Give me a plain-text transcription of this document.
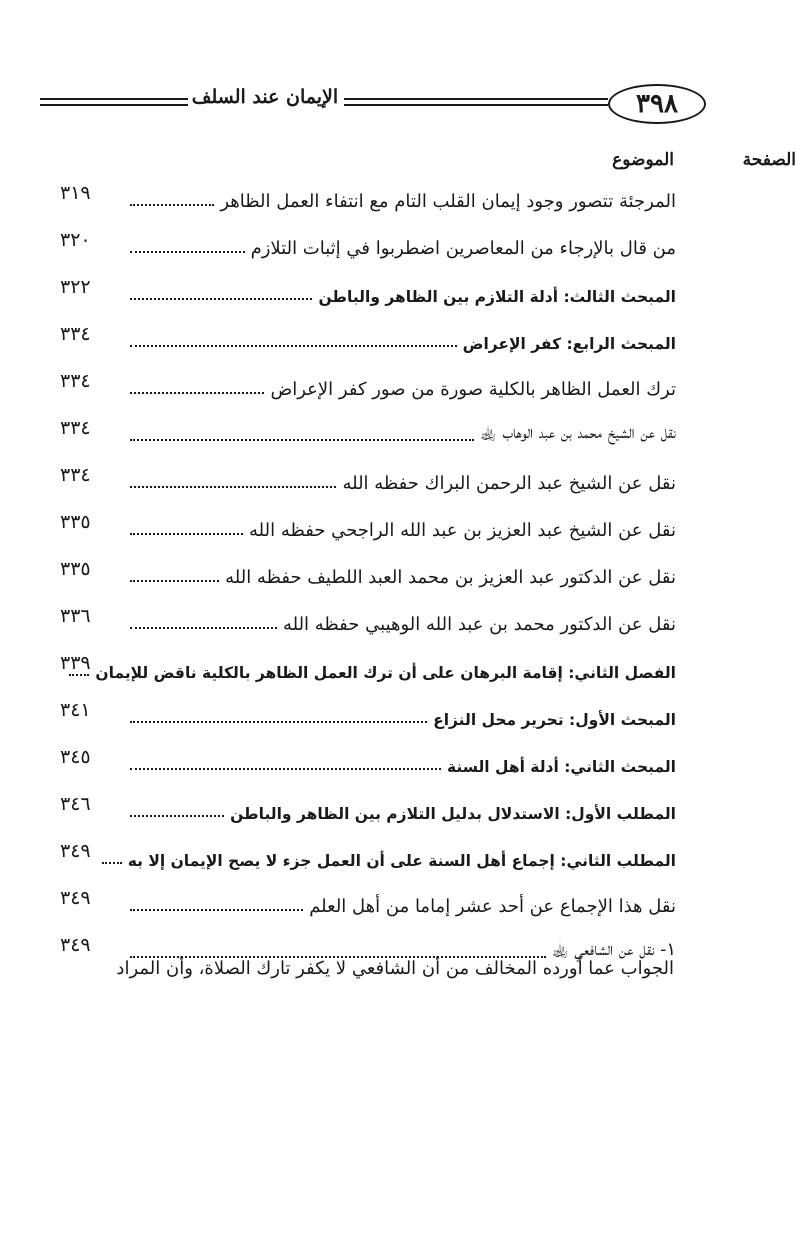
الإيمان عند السلف	٣٩٨
الموضوع	الصفحة
المرجئة تتصور وجود إيمان القلب التام مع انتفاء العمل الظاهر
٣١٩
من قال بالإرجاء من المعاصرين اضطربوا في إثبات التلازم
٣٢٠
المبحث الثالث: أدلة التلازم بين الظاهر والباطن
٣٢٢
المبحث الرابع: كفر الإعراض
٣٣٤
ترك العمل الظاهر بالكلية صورة من صور كفر الإعراض
٣٣٤
نقل عن الشيخ محمد بن عبد الوهاب ﵀
٣٣٤
نقل عن الشيخ عبد الرحمن البراك حفظه الله
٣٣٤
نقل عن الشيخ عبد العزيز بن عبد الله الراجحي حفظه الله
٣٣٥
نقل عن الدكتور عبد العزيز بن محمد العبد اللطيف حفظه الله
٣٣٥
نقل عن الدكتور محمد بن عبد الله الوهيبي حفظه الله
٣٣٦
الفصل الثاني: إقامة البرهان على أن ترك العمل الظاهر بالكلية ناقض للإيمان
٣٣٩
المبحث الأول: تحرير محل النزاع
٣٤١
المبحث الثاني: أدلة أهل السنة
٣٤٥
المطلب الأول: الاستدلال بدليل التلازم بين الظاهر والباطن
٣٤٦
المطلب الثاني: إجماع أهل السنة على أن العمل جزء لا يصح الإيمان إلا به
٣٤٩
نقل هذا الإجماع عن أحد عشر إماما من أهل العلم
٣٤٩
١- نقل عن الشافعي ﵀
٣٤٩
الجواب عما أورده المخالف من أن الشافعي لا يكفر تارك الصلاة، وأن المراد
